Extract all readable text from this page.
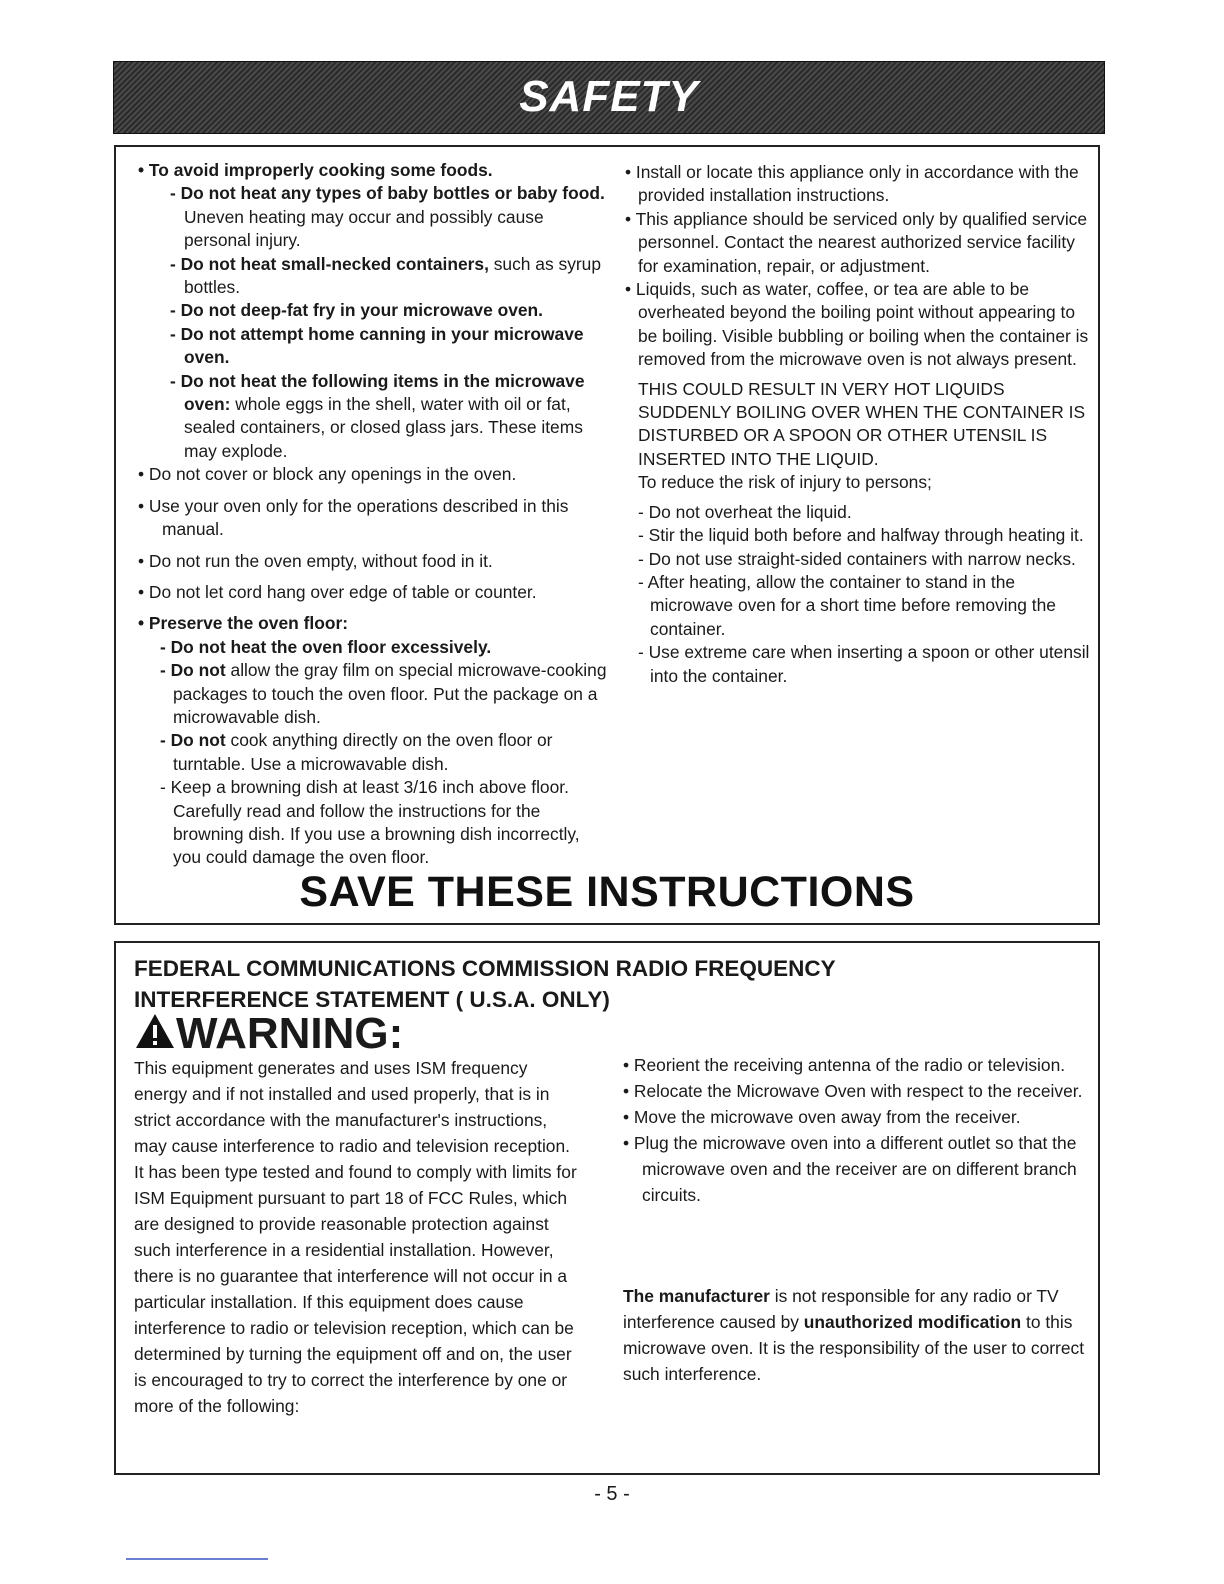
SAFETY

• To avoid improperly cooking some foods.

- Do not heat any types of baby bottles or baby food. Uneven heating may occur and possibly cause personal injury.

- Do not heat small-necked containers, such as syrup bottles.

- Do not deep-fat fry in your microwave oven.

- Do not attempt home canning in your microwave oven.

- Do not heat the following items in the microwave oven: whole eggs in the shell, water with oil or fat, sealed containers, or closed glass jars. These items may explode.

• Do not cover or block any openings in the oven.

• Use your oven only for the operations described in this manual.

• Do not run the oven empty, without food in it.

• Do not let cord hang over edge of table or counter.

• Preserve the oven floor:

- Do not heat the oven floor excessively.

- Do not allow the gray film on special microwave-cooking packages to touch the oven floor. Put the package on a microwavable dish.

- Do not cook anything directly on the oven floor or turntable. Use a microwavable dish.

- Keep a browning dish at least 3/16 inch above floor. Carefully read and follow the instructions for the browning dish. If you use a browning dish incorrectly, you could damage the oven floor.

• Install or locate this appliance only in accordance with the provided installation instructions.

• This appliance should be serviced only by qualified service personnel. Contact the nearest authorized service facility for examination, repair, or adjustment.

• Liquids, such as water, coffee, or tea are able to be overheated beyond the boiling point without appearing to be boiling. Visible bubbling or boiling when the container is removed from the microwave oven is not always present.

THIS COULD RESULT IN VERY HOT LIQUIDS SUDDENLY BOILING OVER WHEN THE CONTAINER IS DISTURBED OR A SPOON OR OTHER UTENSIL IS INSERTED INTO THE LIQUID.

To reduce the risk of injury to persons;

- Do not overheat the liquid.

- Stir the liquid both before and halfway through heating it.

- Do not use straight-sided containers with narrow necks.

- After heating, allow the container to stand in the microwave oven for a short time before removing the container.

- Use extreme care when inserting a spoon or other utensil into the container.

SAVE THESE INSTRUCTIONS
FEDERAL COMMUNICATIONS COMMISSION RADIO FREQUENCY
INTERFERENCE STATEMENT ( U.S.A. ONLY)
WARNING:

This equipment generates and uses ISM frequency energy and if not installed and used properly, that is in strict accordance with the manufacturer's instructions, may cause interference to radio and television reception. It has been type tested and found to comply with limits for ISM Equipment pursuant to part 18 of FCC Rules, which are designed to provide reasonable protection against such interference in a residential installation. However, there is no guarantee that interference will not occur in a particular installation. If this equipment does cause interference to radio or television reception, which can be determined by turning the equipment off and on, the user is encouraged to try to correct the interference by one or more of the following:

• Reorient the receiving antenna of the radio or television.

• Relocate the Microwave Oven with respect to the receiver.

• Move the microwave oven away from the receiver.

• Plug the microwave oven into a different outlet so that the microwave oven and the receiver are on different branch circuits.

The manufacturer is not responsible for any radio or TV interference caused by unauthorized modification to this microwave oven. It is the responsibility of the user to correct such interference.

- 5 -
